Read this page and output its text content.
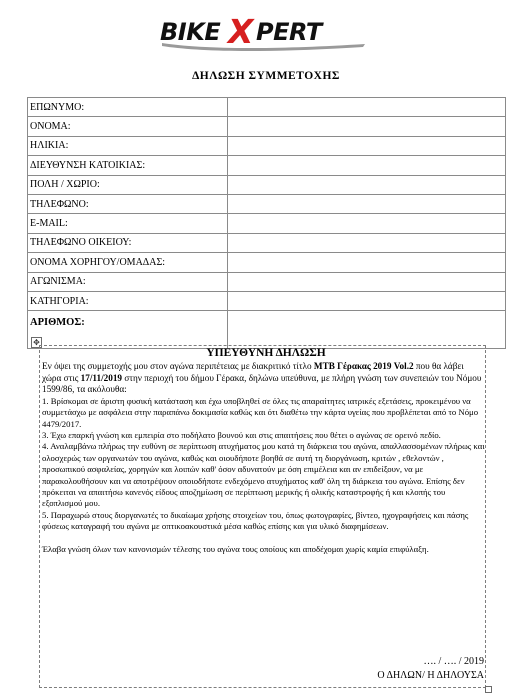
BIKE X PERT
ΔΗΛΩΣΗ ΣΥΜΜΕΤΟΧΗΣ
ΕΠΩΝΥΜΟ:	
ΟΝΟΜΑ:	
ΗΛΙΚΙΑ:	
ΔΙΕΥΘΥΝΣΗ ΚΑΤΟΙΚΙΑΣ:	
ΠΟΛΗ / ΧΩΡΙΟ:	
ΤΗΛΕΦΩΝΟ:	
E-MAIL:	
ΤΗΛΕΦΩΝΟ ΟΙΚΕΙΟΥ:	
ΟΝΟΜΑ ΧΟΡΗΓΟΥ/ΟΜΑΔΑΣ:	
ΑΓΩΝΙΣΜΑ:	
ΚΑΤΗΓΟΡΙΑ:	
ΑΡΙΘΜΟΣ:	
✥
ΥΠΕΥΘΥΝΗ ΔΗΛΩΣΗ

Εν όψει της συμμετοχής μου στον αγώνα περιπέτειας με διακριτικό τίτλο MTB Γέρακας 2019 Vol.2 που θα λάβει χώρα στις 17/11/2019 στην περιοχή του δήμου Γέρακα, δηλώνω υπεύθυνα, με πλήρη γνώση των συνεπειών του Νόμου 1599/86, τα ακόλουθα:

1. Βρίσκομαι σε άριστη φυσική κατάσταση και έχω υποβληθεί σε όλες τις απαραίτητες ιατρικές εξετάσεις, προκειμένου να συμμετάσχω με ασφάλεια στην παραπάνω δοκιμασία καθώς και ότι διαθέτω την κάρτα υγείας που προβλέπεται από το Νόμο 4479/2017.

3. Έχω επαρκή γνώση και εμπειρία στο ποδήλατο βουνού και στις απαιτήσεις που θέτει ο αγώνας σε ορεινό πεδίο.

4. Αναλαμβάνω πλήρως την ευθύνη σε περίπτωση ατυχήματος μου κατά τη διάρκεια του αγώνα, απαλλασσομένων πλήρως και ολοσχερώς των οργανωτών του αγώνα, καθώς και οιουδήποτε βοηθά σε αυτή τη διοργάνωση, κριτών , εθελοντών , προσωπικού ασφαλείας, χορηγών και λοιπών καθ' όσον αδυνατούν με όση επιμέλεια και αν επιδείξουν, να με παρακολουθήσουν και να αποτρέψουν οποιοδήποτε ενδεχόμενο ατυχήματος καθ' όλη τη διάρκεια του αγώνα. Επίσης δεν πρόκειται να απαιτήσω κανενός είδους αποζημίωση σε περίπτωση μερικής ή ολικής καταστροφής ή και κλοπής του εξοπλισμού μου.

5. Παραχωρώ στους διοργανωτές το δικαίωμα χρήσης στοιχείων του, όπως φωτογραφίες, βίντεο, ηχογραφήσεις και πάσης φύσεως καταγραφή του αγώνα με οπτικοακουστικά μέσα καθώς επίσης και για υλικό διαφημίσεων.

Έλαβα γνώση όλων των κανονισμών τέλεσης του αγώνα τους οποίους και αποδέχομαι χωρίς καμία επιφύλαξη.

…. / …. / 2019
Ο ΔΗΛΩΝ/ Η ΔΗΛΟΥΣΑ
